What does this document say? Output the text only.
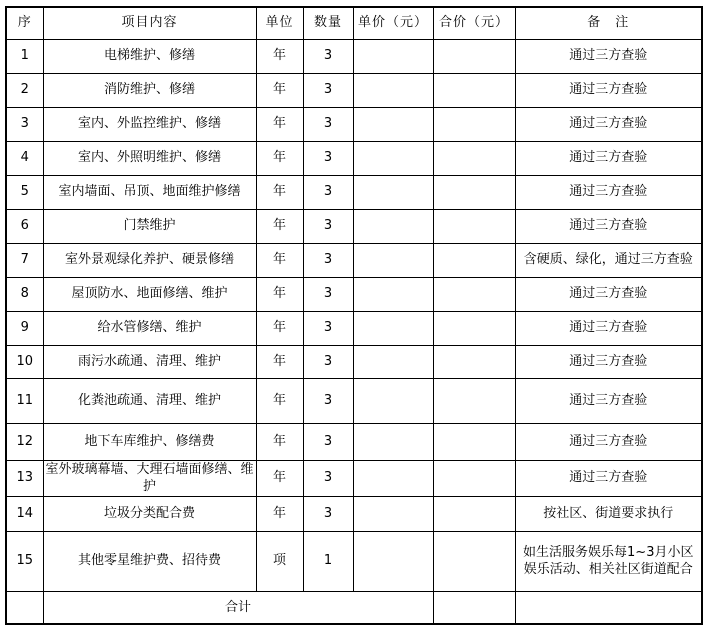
序	项目内容	单位	数量	单价（元）	合价（元）	备　注
1	电梯维护、修缮	年	3			通过三方查验
2	消防维护、修缮	年	3			通过三方查验
3	室内、外监控维护、修缮	年	3			通过三方查验
4	室内、外照明维护、修缮	年	3			通过三方查验
5	室内墙面、吊顶、地面维护修缮	年	3			通过三方查验
6	门禁维护	年	3			通过三方查验
7	室外景观绿化养护、硬景修缮	年	3			含硬质、绿化，通过三方查验
8	屋顶防水、地面修缮、维护	年	3			通过三方查验
9	给水管修缮、维护	年	3			通过三方查验
10	雨污水疏通、清理、维护	年	3			通过三方查验
11	化粪池疏通、清理、维护	年	3			通过三方查验
12	地下车库维护、修缮费	年	3			通过三方查验
13	室外玻璃幕墙、大理石墙面修缮、维护	年	3			通过三方查验
14	垃圾分类配合费	年	3			按社区、街道要求执行
15	其他零星维护费、招待费	项	1			如生活服务娱乐每1~3月小区娱乐活动、相关社区街道配合
	合计					
